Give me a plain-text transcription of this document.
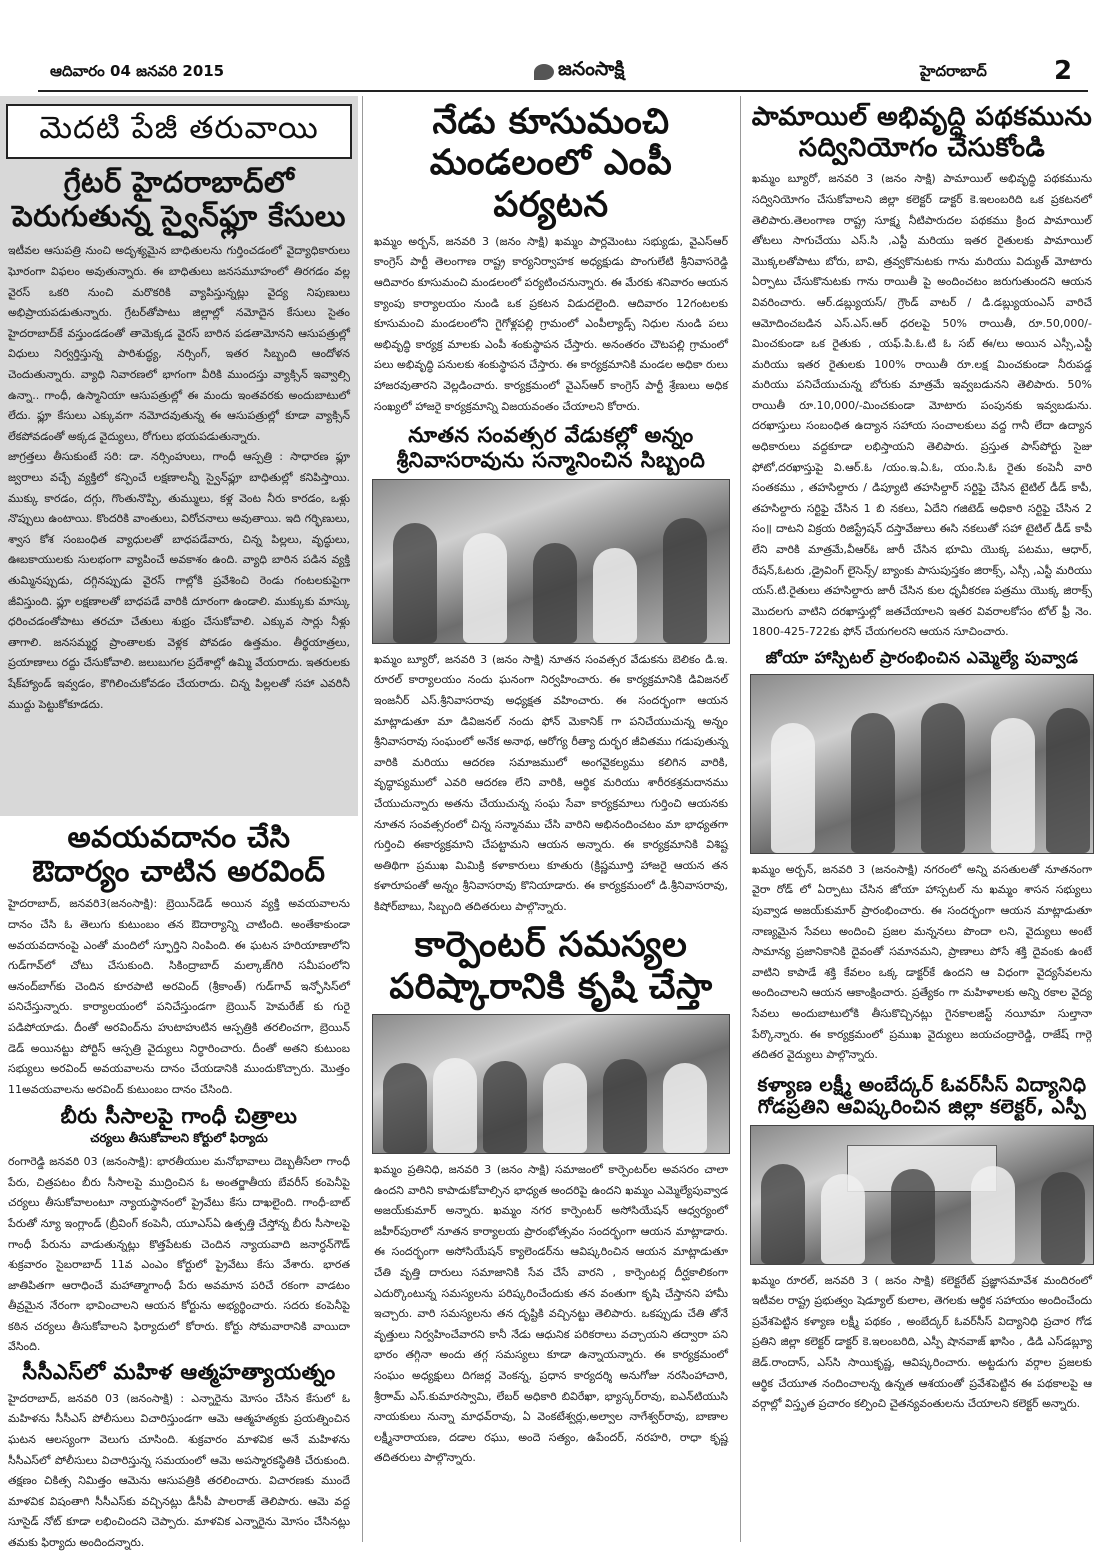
ఆదివారం 04 జనవరి 2015	జనంసాక్షి	హైదరాబాద్	2
మెదటి పేజీ తరువాయి
గ్రేటర్ హైదరాబాద్‌లో
పెరుగుతున్న స్వైన్‌ఫ్లూ కేసులు
ఇటీవల ఆసుపత్రి నుంచి అదృశ్యమైన బాధితులను గుర్తించడంలో వైద్యాధికారులు ఘోరంగా విఫలం అవుతున్నారు. ఈ బాధితులు జనసమూహంలో తిరగడం వల్ల వైరస్ ఒకరి నుంచి మరొకరికి వ్యాపిస్తున్నట్లు వైద్య నిపుణులు అభిప్రాయపడుతున్నారు. గ్రేటర్‌తోపాటు జిల్లాల్లో నమోదైన కేసులు సైతం హైదరాబాద్‌కే వస్తుండడంతో తామెక్కడ వైరస్ బారిన పడతామోనని ఆసుపత్రుల్లో విధులు నిర్వర్తిస్తున్న పారిశుద్ధ్య, నర్సింగ్, ఇతర సిబ్బంది ఆందోళన చెందుతున్నారు. వ్యాధి నివారణలో భాగంగా వీరికి ముందస్తు వ్యాక్సిన్ ఇవ్వాల్సి ఉన్నా.. గాంధీ, ఉస్మానియా ఆసుపత్రుల్లో ఈ మందు ఇంతవరకు అందుబాటులో లేదు. ఫ్లూ కేసులు ఎక్కువగా నమోదవుతున్న ఈ ఆసుపత్రుల్లో కూడా వ్యాక్సిన్ లేకపోవడంతో అక్కడ వైద్యులు, రోగులు భయపడుతున్నారు.
జాగ్రత్తలు తీసుకుంటే సరి: డా. నర్సింహులు, గాంధీ ఆస్పత్రి : సాధారణ ఫ్లూ జ్వరాలు వచ్చే వ్యక్తిలో కన్పించే లక్షణాలన్నీ స్వైన్‌ఫ్లూ బాధితుల్లో కనిపిస్తాయి. ముక్కు కారడం, దగ్గు, గొంతునొప్పి, తుమ్ములు, కళ్ల వెంట నీరు కారడం, ఒళ్లు నొప్పులు ఉంటాయి. కొందరికి వాంతులు, విరోచనాలు అవుతాయి. ఇది గర్భిణులు, శ్వాస కోశ సంబంధిత వ్యాధులతో బాధపడేవారు, చిన్న పిల్లలు, వృద్ధులు, ఊబకాయులకు సులభంగా వ్యాపించే అవకాశం ఉంది. వ్యాధి బారిన పడిన వ్యక్తి తుమ్మినప్పుడు, దగ్గినప్పుడు వైరస్ గాల్లోకి ప్రవేశించి రెండు గంటలకుపైగా జీవిస్తుంది. ఫ్లూ లక్షణాలతో బాధపడే వారికి దూరంగా ఉండాలి. ముక్కుకు మాస్కు ధరించడంతోపాటు తరచూ చేతులు శుభ్రం చేసుకోవాలి. ఎక్కువ సార్లు నీళ్లు తాగాలి. జనసమ్మర్థ ప్రాంతాలకు వెళ్లక పోవడం ఉత్తమం. తీర్థయాత్రలు, ప్రయాణాలు రద్దు చేసుకోవాలి. జలుబుగల ప్రదేశాల్లో ఉమ్మి వేయరాదు. ఇతరులకు షేక్‌హ్యాండ్ ఇవ్వడం, కౌగిలించుకోవడం చేయరాదు. చిన్న పిల్లలతో సహా ఎవరినీ ముద్దు పెట్టుకోకూడదు.
అవయవదానం చేసి
ఔదార్యం చాటిన అరవింద్
హైదరాబాద్, జనవరి3(జనంసాక్షి): బ్రెయిన్‌డెడ్ అయిన వ్యక్తి అవయవాలను దానం చేసి ఓ తెలుగు కుటుంబం తన ఔదార్యాన్ని చాటింది. అంతేకాకుండా అవయవదానంపై ఎంతో మందిలో స్ఫూర్తిని నింపింది. ఈ ఘటన హరియాణాలోని గుడ్‌గావ్‌లో చోటు చేసుకుంది. సికింద్రాబాద్ మల్కాజ్‌గిరి సమీపంలోని ఆనంద్‌బాగ్‌కు చెందిన కూరపాటి అరవింద్ (శ్రీకాంత్) గుడ్‌గావ్ ఇన్ఫోసిస్‌లో పనిచేస్తున్నారు. కార్యాలయంలో పనిచేస్తుండగా బ్రెయిన్ హెమరేజ్ కు గురై పడిపోయాడు. దీంతో అరవింద్‌ను హుటాహుటిన ఆస్పత్రికి తరలించగా, బ్రెయిన్ డెడ్ అయినట్టు పోర్టిస్ ఆస్పత్రి వైద్యులు నిర్ధారించారు. దీంతో అతని కుటుంబ సభ్యులు అరవింద్ అవయవాలను దానం చేయడానికి ముందుకొచ్చారు. మొత్తం 11అవయవాలను అరవింద్ కుటుంబం దానం చేసింది.
బీరు సీసాలపై గాంధీ చిత్రాలు
చర్యలు తీసుకోవాలని కోర్టులో ఫిర్యాదు
రంగారెడ్డి జనవరి 03 (జనంసాక్షి): భారతీయుల మనోభావాలు దెబ్బతీసేలా గాంధీ పేరు, చిత్రపటం బీరు సీసాలపై ముద్రించిన ఓ అంతర్జాతీయ బేవరీస్ కంపెనీపై చర్యలు తీసుకోవాలంటూ న్యాయస్థానంలో ప్రైవేటు కేసు దాఖలైంది. గాంధీ-బాట్ పేరుతో న్యూ ఇంగ్లాండ్ (బ్రీవింగ్ కంపెనీ, యూఎస్ఏ ఉత్పత్తి చేస్తోన్న బీరు సీసాలపై గాంధీ పేరును వాడుతున్నట్లు కొత్తపేటకు చెందిన న్యాయవాది జనార్ధన్‌గౌడ్ శుక్రవారం సైబరాబాద్ 11వ ఎంఎం కోర్టులో ప్రైవేటు కేసు వేశారు. భారత జాతిపితగా ఆరాధించే మహాత్మాగాంధీ పేరు అవమాన పరిచే రకంగా వాడటం తీవ్రమైన నేరంగా భావించాలని ఆయన కోర్టును అభ్యర్థించారు. సదరు కంపెనీపై కఠిన చర్యలు తీసుకోవాలని ఫిర్యాదులో కోరారు. కోర్టు సోమవారానికి వాయిదా వేసింది.
సీసీఎస్‌లో మహిళ ఆత్మహత్యాయత్నం
హైదరాబాద్, జనవరి 03 (జనంసాక్షి) : ఎన్నారైను మోసం చేసిన కేసులో ఓ మహిళను సీసీఎస్ పోలీసులు విచారిస్తుండగా ఆమె ఆత్మహత్యకు ప్రయత్నించిన ఘటన ఆలస్యంగా వెలుగు చూసింది. శుక్రవారం మాళవిక అనే మహిళను సీసీఎస్‌లో పోలీసులు విచారిస్తున్న సమయంలో ఆమె అపస్మారకస్థితికి చేరుకుంది. తక్షణం చికిత్స నిమిత్తం ఆమెను ఆసుపత్రికి తరలించారు. విచారణకు ముందే మాళవిక విషంతాగి సీసీఎస్‌కు వచ్చినట్లు డీసీపీ పాలరాజ్ తెలిపారు. ఆమె వద్ద సూసైడ్ నోట్ కూడా లభించిందని చెప్పారు. మాళవిక ఎన్నారైను మోసం చేసినట్లు తమకు ఫిర్యాదు అందిందన్నారు.
నేడు కూసుమంచి
మండలంలో ఎంపీ పర్యటన
ఖమ్మం అర్బన్, జనవరి 3 (జనం సాక్షి) ఖమ్మం పార్లమెంటు సభ్యుడు, వైఎస్ఆర్ కాంగ్రెస్ పార్టీ తెలంగాణ రాష్ట్ర కార్యనిర్వాహక అధ్యక్షుడు పొంగులేటి శ్రీనివాసరెడ్డి ఆదివారం కూసుమంచి మండలంలో పర్యటించనున్నారు. ఈ మేరకు శనివారం ఆయన క్యాంపు కార్యాలయం నుండి ఒక ప్రకటన విడుదలైంది. ఆదివారం 12గంటలకు కూసుమంచి మండలంలోని గైగోళ్లపల్లి గ్రామంలో ఎంపీల్యాడ్స్ నిధుల నుండి పలు అభివృద్ధి కార్యక్ర మాలకు ఎంపీ శంకుస్థాపన చేస్తారు. అనంతరం చౌటపల్లి గ్రామంలో పలు అభివృద్ధి పనులకు శంకుస్థాపన చేస్తారు. ఈ కార్యక్రమానికి మండల అధికా రులు హాజరవుతారని వెల్లడించారు. కార్యక్రమంలో వైఎస్ఆర్ కాంగ్రెస్ పార్టీ శ్రేణులు అధిక సంఖ్యలో హాజరై కార్యక్రమాన్ని విజయవంతం చేయాలని కోరారు.
నూతన సంవత్సర వేడుకల్లో అన్నం
శ్రీనివాసరావును సన్మానించిన సిబ్బంది
ఖమ్మం బ్యూరో, జనవరి 3 (జనం సాక్షి) నూతన సంవత్సర వేడుకను బెలికం డి.ఇ. రూరల్ కార్యాలయం నందు ఘనంగా నిర్వహించారు. ఈ కార్యక్రమానికి డివిజనల్ ఇంజనీర్ ఎస్.శ్రీనివాసరావు అధ్యక్షత వహించారు. ఈ సందర్భంగా ఆయన మాట్లాడుతూ మా డివిజనల్ నందు ఫోన్ మెకానిక్ గా పనిచేయుచున్న అన్నం శ్రీనివాసరావు సంఘంలో అనేక అనాథ, ఆరోగ్య రీత్యా దుర్భర జీవితము గడుపుతున్న వారికి మరియు ఆదరణ సమాజములో అంగవైకల్యము కలిగిన వారికి, వృద్ధాప్యములో ఎవరి ఆదరణ లేని వారికి, ఆర్థిక మరియు శారీరకశ్రమదానము చేయుచున్నారు అతను చేయుచున్న సంఘ సేవా కార్యక్రమాలు గుర్తించి ఆయనకు నూతన సంవత్సరంలో చిన్న సన్మానము చేసి వారిని అభినందించటం మా భాధ్యతగా గుర్తించి ఈకార్యక్రమాని చేపట్టామని ఆయన అన్నారు. ఈ కార్యక్రమానికి విశిష్ట అతిథిగా ప్రముఖ మిమిక్రి కళాకారులు కూతురు (క్రిష్ణమూర్తి హాజరై ఆయన తన కళారూపంతో అన్నం శ్రీనివాసరావు కొనియాడారు. ఈ కార్యక్రమంలో డి.శ్రీనివాసరావు, కిషోర్‌బాబు, సిబ్బంది తదితరులు పాల్గొన్నారు.
కార్పెంటర్ సమస్యల
పరిష్కారానికి కృషి చేస్తా
ఖమ్మం ప్రతినిధి, జనవరి 3 (జనం సాక్షి) సమాజంలో కార్పెంటర్‌ల అవసరం చాలా ఉందని వారిని కాపాడుకోవాల్సిన భాధ్యత అందరిపై ఉందని ఖమ్మం ఎమ్మెల్యేపువ్వాడ అజయ్‌కుమార్ అన్నారు. ఖమ్మం నగర కార్పెంటర్ అసోసియేషన్ ఆధ్వర్యంలో జహీర్‌పురాలో నూతన కార్యాలయ ప్రారంభోత్సవం సందర్భంగా ఆయన మాట్లాడారు. ఈ సందర్భంగా అసోసియేషన్ క్యాలెండర్‌ను ఆవిష్కరించిన ఆయన మాట్లాడుతూ చేతి వృత్తి దారులు సమాజానికి సేవ చేసే వారని , కార్పెంటర్ల దీర్ఘకాలికంగా ఎదుర్కొంటున్న సమస్యలను పరిష్కరించేందుకు తన వంతుగా కృషి చేస్తానని హామీ ఇచ్చారు. వారి సమస్యలను తన దృష్టికి వచ్చినట్టు తెలిపారు. ఒకప్పుడు చేతి తోనే వృత్తులు నిర్వహించేవారని కానీ నేడు ఆధునిక పరికరాలు వచ్చాయని తద్వారా పని భారం తగ్గినా అందు తగ్గ సమస్యలు కూడా ఉన్నాయన్నారు. ఈ కార్యక్రమంలో సంఘం అధ్యక్షులు దిగజర్ల వెంకన్న, ప్రధాన కార్యదర్శి అనుగోజు నరసింహాచారి, శ్రీరాామ్ ఎస్.కుమారస్వామి, లేబర్ అధికారి బివిరేఖా, భ్యాస్కర్‌రావు, ఐఎన్‌టియుసి నాయకులు నున్నా మాధవ్‌రావు, ఏ వెంకటేశ్వర్లు,అల్వాల నాగేశ్వర్‌రావు, బాణాల లక్ష్మీనారాయణ, దడాల రఘు, అందె సత్యం, ఉపేందర్, నరహరి, రాధా కృష్ణ తదితరులు పాల్గొన్నారు.
పామాయిల్ అభివృద్ధి పథకమును
సద్వినియోగం చేసుకోండి
ఖమ్మం బ్యూరో, జనవరి 3 (జనం సాక్షి) పామాయిల్ అభివృద్ధి పథకమును సద్వినియోగం చేసుకోవాలని జిల్లా కలెక్టర్ డాక్టర్ కె.ఇలంబరిది ఒక ప్రకటనలో తెలిపారు.తెలంగాణ రాష్ట్ర సూక్ష్మ నీటిపారుదల పథకము క్రింద పామాయిల్ తోటలు సాగుచేయు ఎస్.సి ,ఎస్టీ మరియు ఇతర రైతులకు పామాయిల్ మొక్కలతోపాటు బోరు, బావి, త్రవ్వకొనుటకు గాను మరియు విద్యుత్ మోటారు ఏర్పాటు చేసుకొనుటకు గాను రాయితీ పై అందించటం జరుగుతుందని ఆయన వివరించారు. ఆర్.డబ్ల్యుయస్/ గ్రౌండ్ వాటర్ / డి.డబ్ల్యుయంఎస్ వారిచే ఆమోదించబడిన ఎస్.ఎస్.ఆర్ ధరలపై 50% రాయితీ, రూ.50,000/- మించకుండా ఒక రైతుకు , యఫ్.పి.ఓ.టి ఓ సబ్ ఈ/లు అయిన ఎస్సీ,ఎస్టీ మరియు ఇతర రైతులకు 100% రాయితీ రూ.లక్ష మించకుండా నీరుపడ్డ మరియు పనిచేయుచున్న బోరుకు మాత్రమే ఇవ్వబడునని తెలిపారు. 50% రాయితీ రూ.10,000/-మించకుండా మోటారు పంపునకు ఇవ్వబడును. దరఖాస్తులు సంబంధిత ఉద్యాన సహాయ సంచాలకులు వద్ద గానీ లేదా ఉద్యాన అధికారులు వద్దకూడా లభిస్తాయని తెలిపారు. ప్రస్తుత పాస్‌పోర్టు సైజు ఫోటో,దరఖాస్తుపై వి.ఆర్.ఓ /యం.ఇ.ఏ.ఓ, యం.సి.ఓ రైతు కంపెనీ వారి సంతకము , తహసిల్దారు / డిప్యూటి తహసిల్దార్ సర్టిఫై చేసిన టైటిల్ డీడ్ కాపీ, తహసిల్దారు సర్టిఫై చేసిన 1 బి నకలు, ఏదేని గజిటెడ్ అధికారి సర్టిఫై చేసిన 2 సం॥ దాటని విక్రయ రిజిస్ట్రేషన్ దస్తావేజులు ఈసి నకలుతో సహా టైటిల్ డీడ్ కాపీ లేని వారికి మాత్రమే,వీఆర్ఓ జారీ చేసిన భూమి యొక్క పటము, ఆధార్, రేషన్,ఓటరు ,డ్రైవింగ్ లైసెన్స్/ బ్యాంకు పాసుపుస్తకం జిరాక్స్, ఎస్సీ ,ఎస్టీ మరియు యస్.టి.రైతులు తహసిల్దారు జారీ చేసిన కుల ధృవీకరణ పత్రము యొక్క జిరాక్స్ మొదలగు వాటిని దరఖాస్తుల్లో జతచేయాలని ఇతర వివరాలకోసం టోల్ ఫ్రీ నెం. 1800-425-722కు ఫోన్ చేయగలరని ఆయన సూచించారు.
జోయా హాస్పిటల్ ప్రారంభించిన ఎమ్మెల్యే పువ్వాడ
ఖమ్మం అర్బన్, జనవరి 3 (జనంసాక్షి) నగరంలో అన్ని వసతులతో నూతనంగా వైరా రోడ్ లో ఏర్పాటు చేసిన జోయా హాస్పటల్ ను ఖమ్మం శాసన సభ్యులు పువ్వాడ అజయ్‌కుమార్ ప్రారంభించారు. ఈ సందర్భంగా ఆయన మాట్లాడుతూ నాణ్యమైన సేవలు అందించి ప్రజల మన్ననలు పొందా లని, వైద్యులు అంటే సామాన్య ప్రజానికానికి దైవంతో సమానమని, ప్రాణాలు పోసే శక్తి దైవంకు ఉంటే వాటిని కాపాడే శక్తి కేవలం ఒక్క డాక్టర్‌కే ఉందని ఆ విధంగా వైద్యసేవలను అందించాలని ఆయన ఆకాంక్షించారు. ప్రత్యేకం గా మహిళాలకు అన్ని రకాల వైద్య సేవలు అందుబాటులోకి తీసుకొచ్చినట్లు గైనకాలజిస్ట్ నయీమా సుల్తానా పేర్కొన్నారు. ఈ కార్యక్రమంలో ప్రముఖ వైద్యులు జయచంద్రారెడ్డి, రాజేష్ గార్గె తదితర వైద్యులు పాల్గొన్నారు.
కళ్యాణ లక్ష్మీ అంబేద్కర్ ఓవర్‌సీస్ విద్యానిధి
గోడప్రతిని ఆవిష్కరించిన జిల్లా కలెక్టర్, ఎస్పీ
ఖమ్మం రూరల్, జనవరి 3 ( జనం సాక్షి) కలెక్టరేట్ ప్రజ్ఞాసమావేశ మందిరంలో ఇటీవల రాష్ట్ర ప్రభుత్వం షెడ్యూల్ కులాల, తెగలకు ఆర్థిక సహాయం అందించేందు ప్రవేశపెట్టిన కళ్యాణ లక్ష్మీ పథకం , అంబేద్కర్ ఓవర్‌సీస్ విద్యానిధి ప్రచార గోడ ప్రతిని జిల్లా కలెక్టర్ డాక్టర్ కె.ఇలంబరిది, ఎస్పీ షానవాజ్ ఖాసిం , డిడి ఎస్‌డబ్ల్యూ జెడ్.రాందాస్, ఎస్‌సి సాయికృష్ణ, ఆవిష్కరించారు. అట్టడుగు వర్గాల ప్రజలకు ఆర్థిక చేయూత నందించాలన్న ఉన్నత ఆశయంతో ప్రవేశపెట్టిన ఈ పథకాలపై ఆ వర్గాల్లో విస్తృత ప్రచారం కల్పించి చైతన్యవంతులను చేయాలని కలెక్టర్ అన్నారు.
